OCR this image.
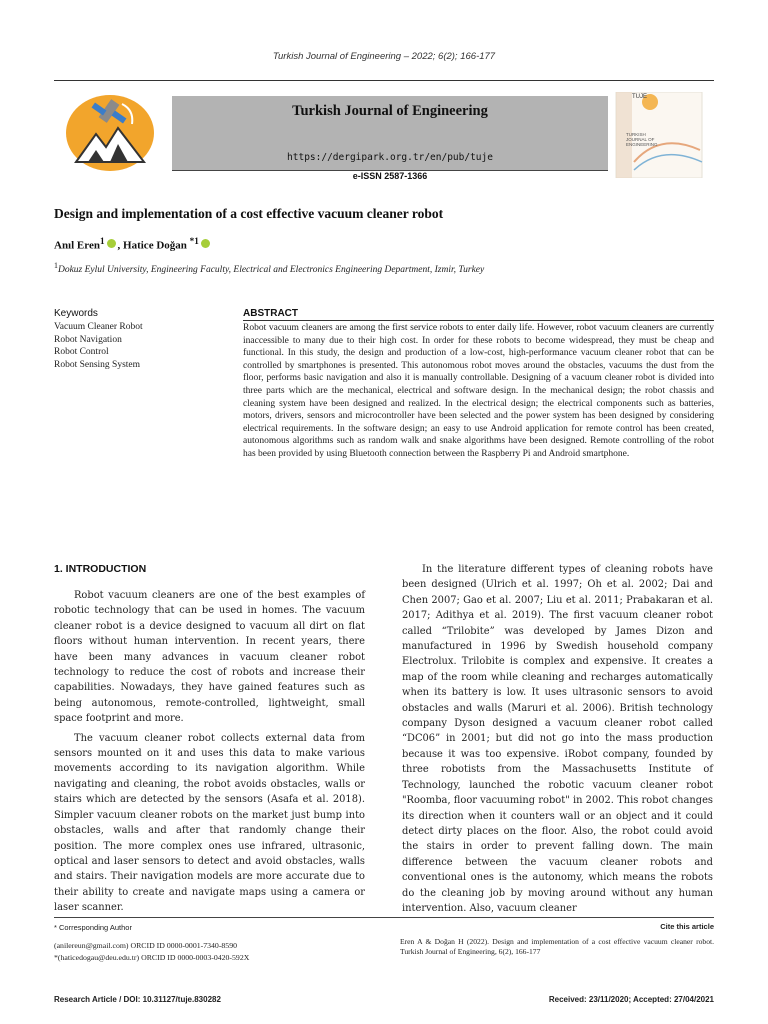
Turkish Journal of Engineering – 2022; 6(2); 166-177
Turkish Journal of Engineering
https://dergipark.org.tr/en/pub/tuje
e-ISSN 2587-1366
TUJE
TURKISH JOURNAL OF ENGINEERING
Design and implementation of a cost effective vacuum cleaner robot
Anıl Eren$^1$ , Hatice Doğan $^{*1}$
$^1$Dokuz Eylul University, Engineering Faculty, Electrical and Electronics Engineering Department, Izmir, Turkey
Keywords
Vacuum Cleaner Robot
Robot Navigation
Robot Control
Robot Sensing System
ABSTRACT
Robot vacuum cleaners are among the first service robots to enter daily life. However, robot vacuum cleaners are currently inaccessible to many due to their high cost. In order for these robots to become widespread, they must be cheap and functional. In this study, the design and production of a low-cost, high-performance vacuum cleaner robot that can be controlled by smartphones is presented. This autonomous robot moves around the obstacles, vacuums the dust from the floor, performs basic navigation and also it is manually controllable. Designing of a vacuum cleaner robot is divided into three parts which are the mechanical, electrical and software design. In the mechanical design; the robot chassis and cleaning system have been designed and realized. In the electrical design; the electrical components such as batteries, motors, drivers, sensors and microcontroller have been selected and the power system has been designed by considering electrical requirements. In the software design; an easy to use Android application for remote control has been created, autonomous algorithms such as random walk and snake algorithms have been designed. Remote controlling of the robot has been provided by using Bluetooth connection between the Raspberry Pi and Android smartphone.
1. INTRODUCTION

Robot vacuum cleaners are one of the best examples of robotic technology that can be used in homes. The vacuum cleaner robot is a device designed to vacuum all dirt on flat floors without human intervention. In recent years, there have been many advances in vacuum cleaner robot technology to reduce the cost of robots and increase their capabilities. Nowadays, they have gained features such as being autonomous, remote-controlled, lightweight, small space footprint and more.

The vacuum cleaner robot collects external data from sensors mounted on it and uses this data to make various movements according to its navigation algorithm. While navigating and cleaning, the robot avoids obstacles, walls or stairs which are detected by the sensors (Asafa et al. 2018). Simpler vacuum cleaner robots on the market just bump into obstacles, walls and after that randomly change their position. The more complex ones use infrared, ultrasonic, optical and laser sensors to detect and avoid obstacles, walls and stairs. Their navigation models are more accurate due to their ability to create and navigate maps using a camera or laser scanner.

In the literature different types of cleaning robots have been designed (Ulrich et al. 1997; Oh et al. 2002; Dai and Chen 2007; Gao et al. 2007; Liu et al. 2011; Prabakaran et al. 2017; Adithya et al. 2019). The first vacuum cleaner robot called “Trilobite” was developed by James Dizon and manufactured in 1996 by Swedish household company Electrolux. Trilobite is complex and expensive. It creates a map of the room while cleaning and recharges automatically when its battery is low. It uses ultrasonic sensors to avoid obstacles and walls (Maruri et al. 2006). British technology company Dyson designed a vacuum cleaner robot called “DC06” in 2001; but did not go into the mass production because it was too expensive. iRobot company, founded by three robotists from the Massachusetts Institute of Technology, launched the robotic vacuum cleaner robot "Roomba, floor vacuuming robot" in 2002. This robot changes its direction when it counters wall or an object and it could detect dirty places on the floor. Also, the robot could avoid the stairs in order to prevent falling down. The main difference between the vacuum cleaner robots and conventional ones is the autonomy, which means the robots do the cleaning job by moving around without any human intervention. Also, vacuum cleaner

* Corresponding Author
(anilereun@gmail.com) ORCID ID 0000-0001-7340-8590
*(haticedogau@deu.edu.tr) ORCID ID 0000-0003-0420-592X
Cite this article
Eren A & Doğan H (2022). Design and implementation of a cost effective vacuum cleaner robot. Turkish Journal of Engineering, 6(2), 166-177
Research Article / DOI: 10.31127/tuje.830282	Received: 23/11/2020; Accepted: 27/04/2021
